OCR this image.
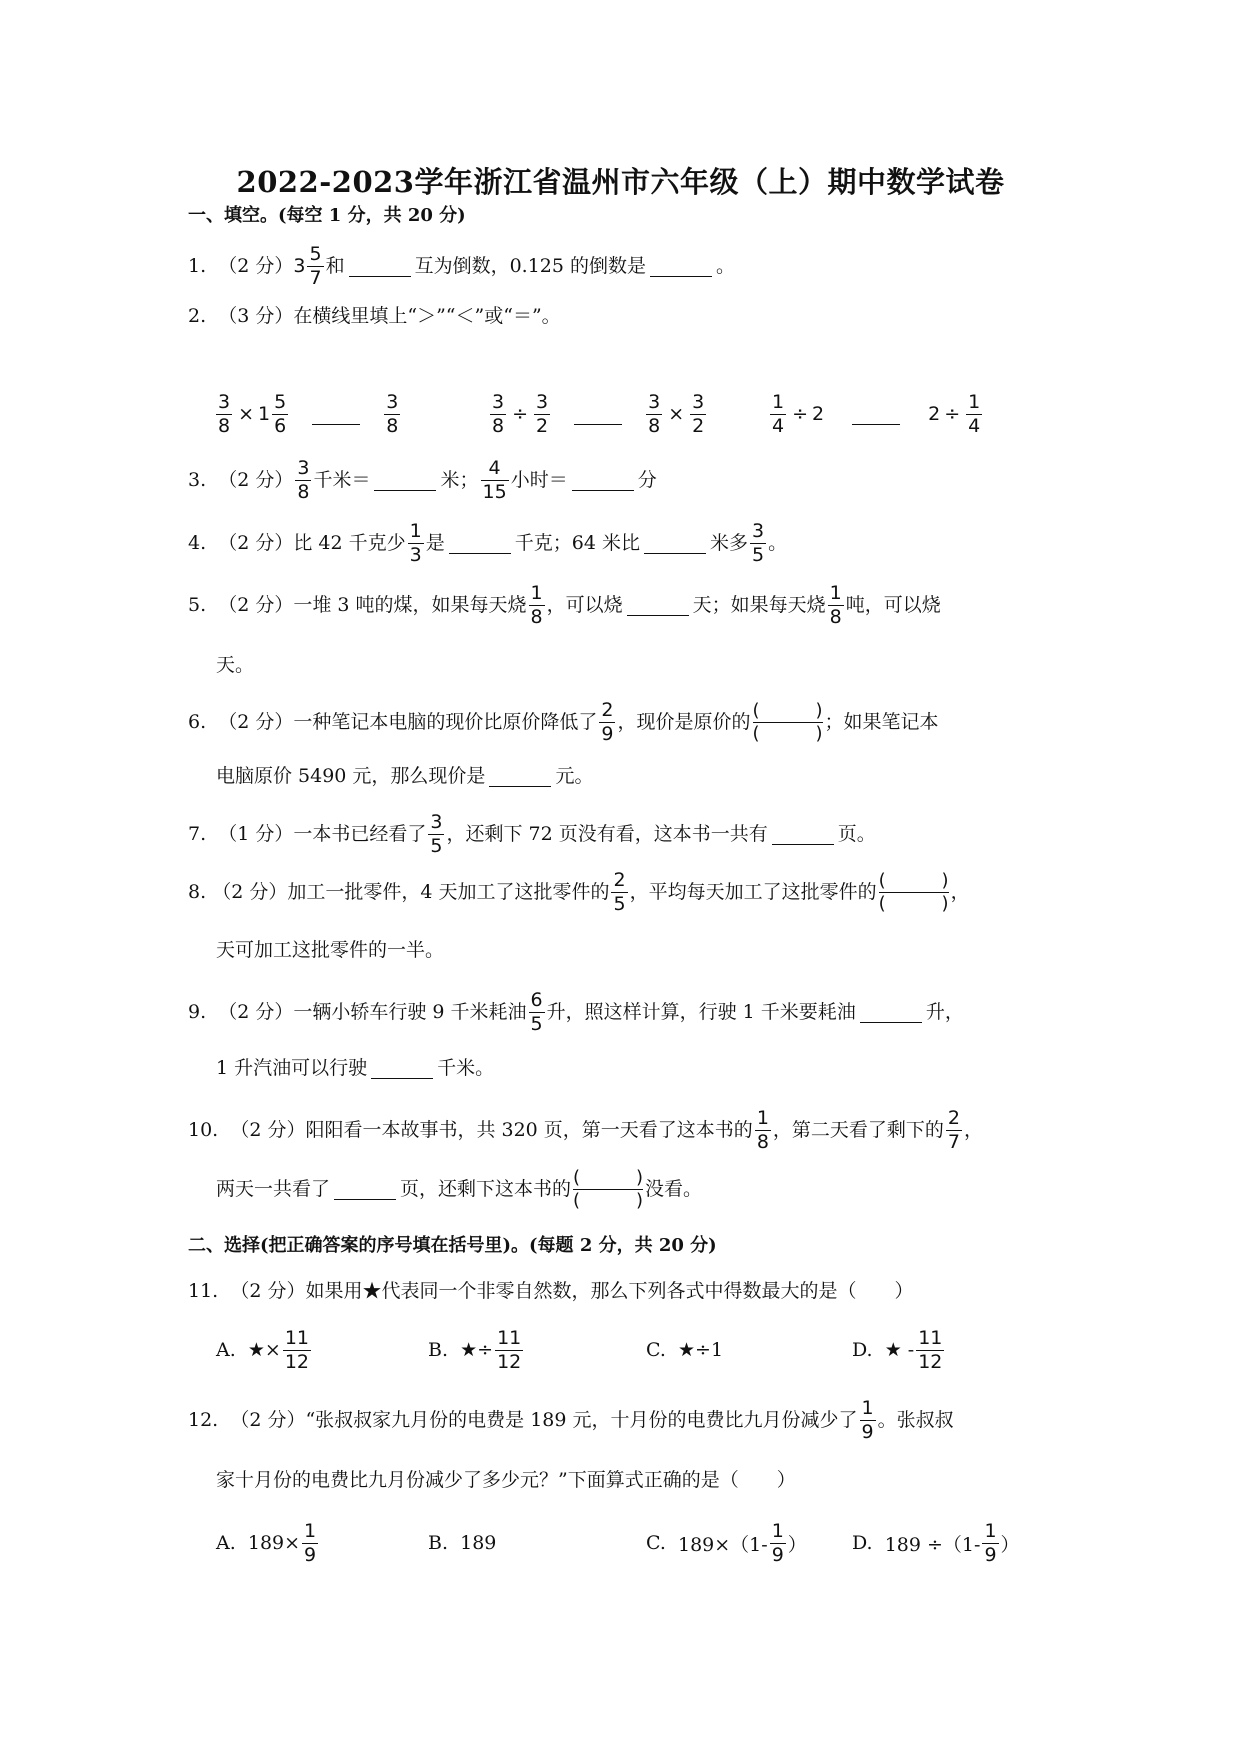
2022-2023学年浙江省温州市六年级（上）期中数学试卷
一、填空。(每空 1 分，共 20 分)
1.
（2 分） $3 \frac{5}{7}$ 和	互为倒数，0.125 的倒数是	。
2.
（3 分） 在横线里填上“＞”“＜”或“＝”。
$\frac{3}{8} \times 1 \frac{5}{6}$	$\frac{3}{8}$	$\frac{3}{8} \div \frac{3}{2}$	$\frac{3}{8} \times \frac{3}{2}$	$\frac{1}{4} \div 2$	$2 \div \frac{1}{4}$
3.
（2 分） $\frac{3}{8}$ 千米＝	米； $\frac{4}{15}$ 小时＝	分
4.
（2 分） 比 42 千克少 $\frac{1}{3}$ 是	千克；64 米比	米多 $\frac{3}{5}$ 。
5.
（2 分） 一堆 3 吨的煤，如果每天烧 $\frac{1}{8}$ ，可以烧	天；如果每天烧 $\frac{1}{8}$ 吨，可以烧
天。
6.
（2 分） 一种笔记本电脑的现价比原价降低了 $\frac{2}{9}$ ，现价是原价的
(	)
(	) ；如果笔记本
电脑原价 5490 元，那么现价是	元。
7.
（1 分） 一本书已经看了 $\frac{3}{5}$ ，还剩下 72 页没有看，这本书一共有	页。
8.
（2 分） 加工一批零件，4 天加工了这批零件的 $\frac{2}{5}$ ，平均每天加工了这批零件的
(	)
(	) ，
天可加工这批零件的一半。
9.
（2 分） 一辆小轿车行驶 9 千米耗油 $\frac{6}{5}$ 升，照这样计算，行驶 1 千米要耗油	升，
1 升汽油可以行驶	千米。
10.
（2 分） 阳阳看一本故事书，共 320 页，第一天看了这本书的 $\frac{1}{8}$ ，第二天看了剩下的 $\frac{2}{7}$ ，
两天一共看了	页，还剩下这本书的
(	)
(	) 没看。
二、选择(把正确答案的序号填在括号里)。(每题 2 分，共 20 分)
11.
（2 分） 如果用★代表同一个非零自然数，那么下列各式中得数最大的是（　　）
A.
★× $\frac{11}{12}$	B.
★÷ $\frac{11}{12}$	C.
★÷1	D.
★ - $\frac{11}{12}$
12.
（2 分） “张叔叔家九月份的电费是 189 元，十月份的电费比九月份减少了 $\frac{1}{9}$ 。张叔叔
家十月份的电费比九月份减少了多少元？”下面算式正确的是（　　）
A.
$189\times \frac{1}{9}$	B.
189	C.
$189\times(1- \frac{1}{9}$ ） D.
$189 \div(1- \frac{1}{9}$ ）
